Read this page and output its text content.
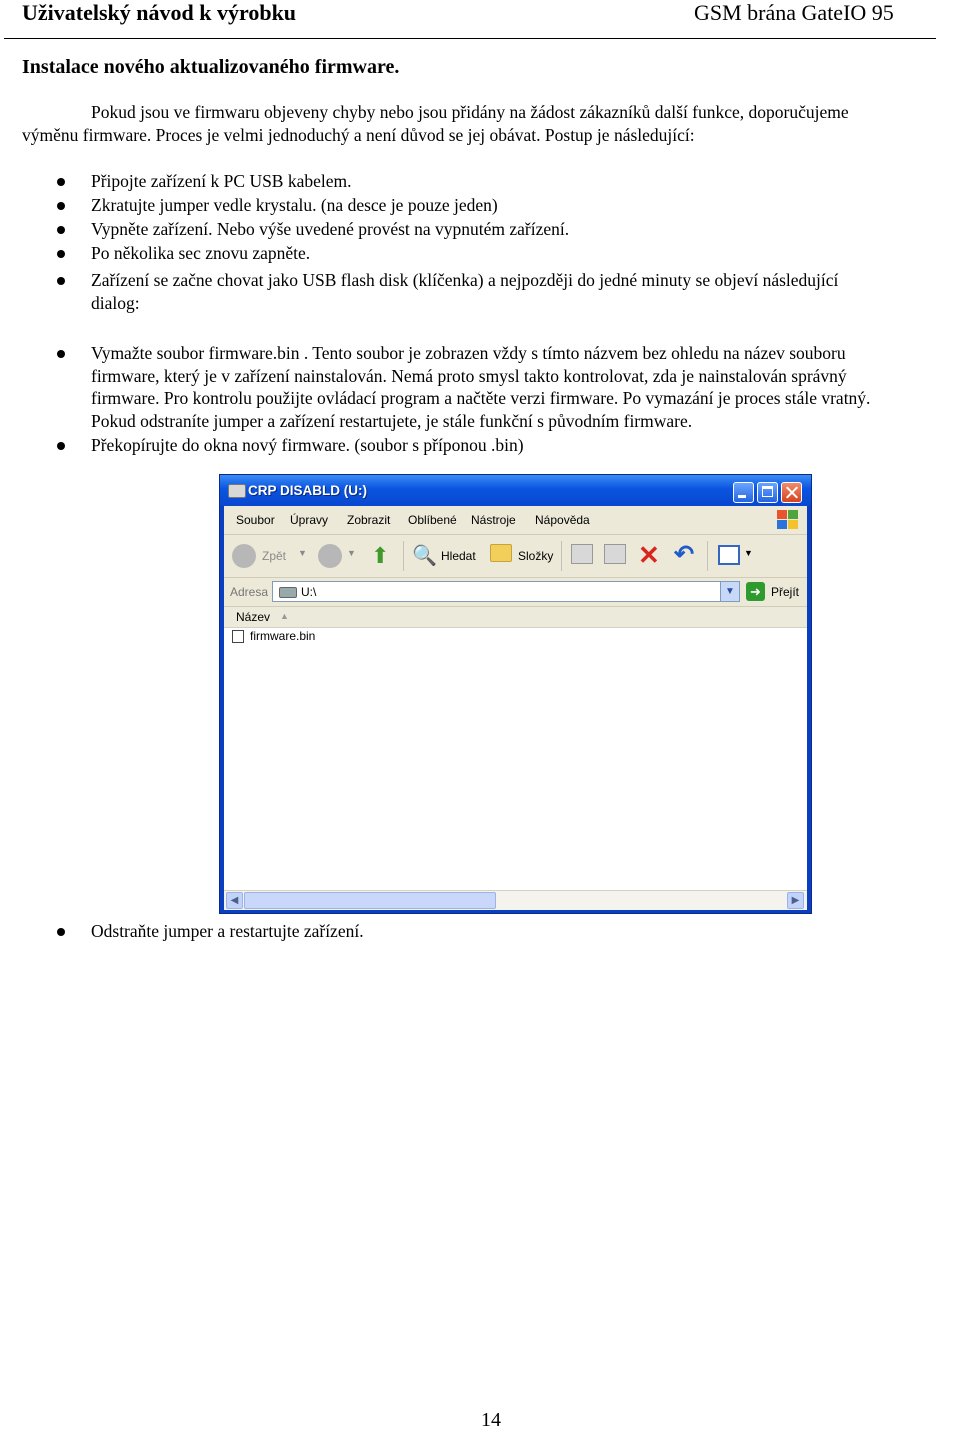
Uživatelský návod k výrobku	GSM brána GateIO 95
Instalace nového aktualizovaného firmware.
Pokud jsou ve firmwaru objeveny chyby nebo jsou přidány na žádost zákazníků další funkce, doporučujeme
výměnu firmware. Proces je velmi jednoduchý a není důvod se jej obávat. Postup je následující:
Připojte zařízení k PC USB kabelem.
Zkratujte jumper vedle krystalu. (na desce je pouze jeden)
Vypněte zařízení. Nebo výše uvedené provést na vypnutém zařízení.
Po několika sec znovu zapněte.
Zařízení se začne chovat jako USB flash disk (klíčenka) a nejpozději do jedné minuty se objeví následující
dialog:
Vymažte soubor firmware.bin . Tento soubor je zobrazen vždy s tímto názvem bez ohledu na název souboru
firmware, který je v zařízení nainstalován. Nemá proto smysl takto kontrolovat, zda je nainstalován správný
firmware. Pro kontrolu použijte ovládací program a načtěte verzi firmware. Po vymazání je proces stále vratný.
Pokud odstraníte jumper a zařízení restartujete, je stále funkční s původním firmware.
Překopírujte do okna nový firmware. (soubor s příponou .bin)
CRP DISABLD (U:)
Soubor Úpravy Zobrazit Oblíbené Nástroje Nápověda
Zpět ▼	▼ ⬆ 🔍 Hledat	Složky	✕ ↶	▼
Adresa	U:\	▼	➜ Přejít
Název ▲
firmware.bin
◀	▶
Odstraňte jumper a restartujte zařízení.
14
